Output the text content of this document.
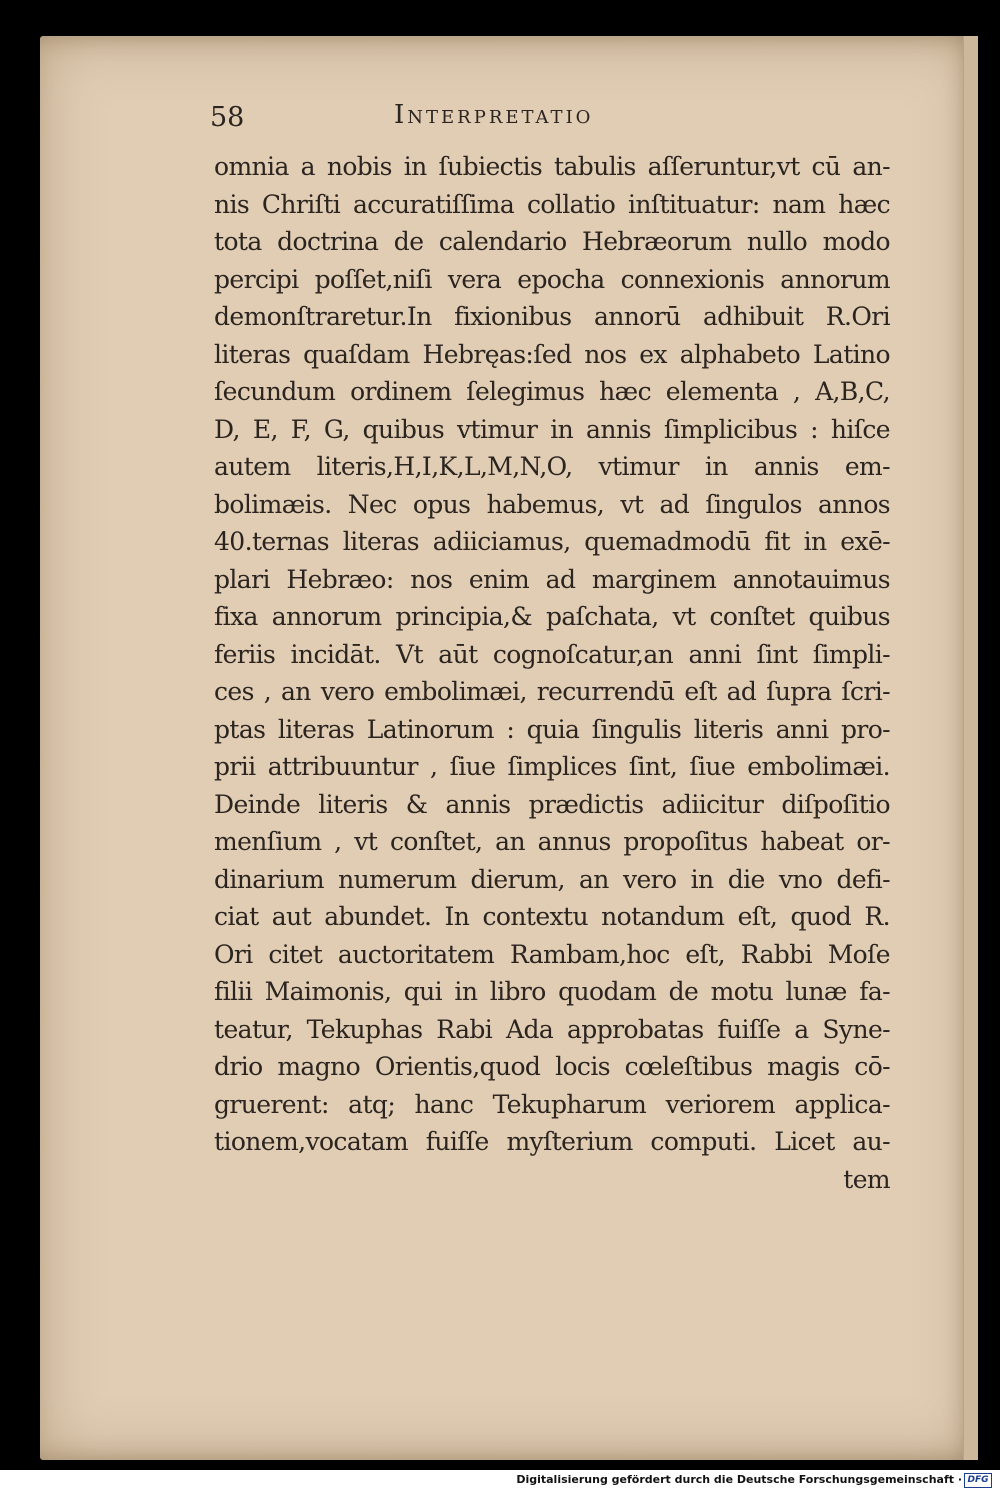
58	Interpretatio
omnia a nobis in ſubiectis tabulis aſſeruntur,vt cū an-
nis Chriſti accuratiſſima collatio inſtituatur: nam hæc
tota doctrina de calendario Hebræorum nullo modo
percipi poſſet,niſi vera epocha connexionis annorum
demonſtraretur.In fixionibus annorū adhibuit R.Ori
literas quaſdam Hebręas:ſed nos ex alphabeto Latino
ſecundum ordinem ſelegimus hæc elementa , A,B,C,
D, E, F, G, quibus vtimur in annis ſimplicibus : hiſce
autem literis,H,I,K,L,M,N,O, vtimur in annis em-
bolimæis. Nec opus habemus, vt ad ſingulos annos
40.ternas literas adiiciamus, quemadmodū fit in exē-
plari Hebræo: nos enim ad marginem annotauimus
fixa annorum principia,& paſchata, vt conſtet quibus
feriis incidāt. Vt aūt cognoſcatur,an anni ſint ſimpli-
ces , an vero embolimæi, recurrendū eſt ad ſupra ſcri-
ptas literas Latinorum : quia ſingulis literis anni pro-
prii attribuuntur , ſiue ſimplices ſint, ſiue embolimæi.
Deinde literis & annis prædictis adiicitur diſpoſitio
menſium , vt conſtet, an annus propoſitus habeat or-
dinarium numerum dierum, an vero in die vno defi-
ciat aut abundet. In contextu notandum eſt, quod R.
Ori citet auctoritatem Rambam,hoc eſt, Rabbi Moſe
filii Maimonis, qui in libro quodam de motu lunæ fa-
teatur, Tekuphas Rabi Ada approbatas fuiſſe a Syne-
drio magno Orientis,quod locis cœleſtibus magis cō-
gruerent: atq; hanc Tekupharum veriorem applica-
tionem,vocatam fuiſſe myſterium computi. Licet au-
tem
Digitalisierung gefördert durch die Deutsche Forschungsgemeinschaft · DFG
